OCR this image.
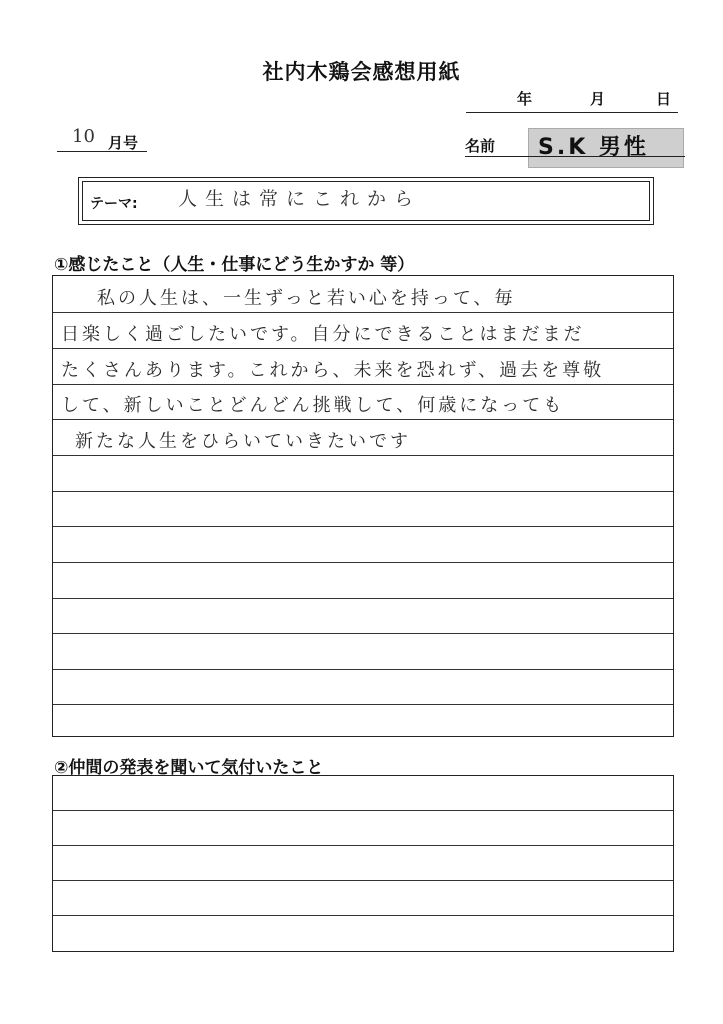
社内木鶏会感想用紙
年	月	日
10 月号	名前 S.K 男性
テーマ: 人生は常にこれから
①感じたこと（人生・仕事にどう生かすか 等）
私の人生は、一生ずっと若い心を持って、毎
日楽しく過ごしたいです。自分にできることはまだまだ
たくさんあります。これから、未来を恐れず、過去を尊敬
して、新しいことどんどん挑戦して、何歳になっても
新たな人生をひらいていきたいです
②仲間の発表を聞いて気付いたこと
